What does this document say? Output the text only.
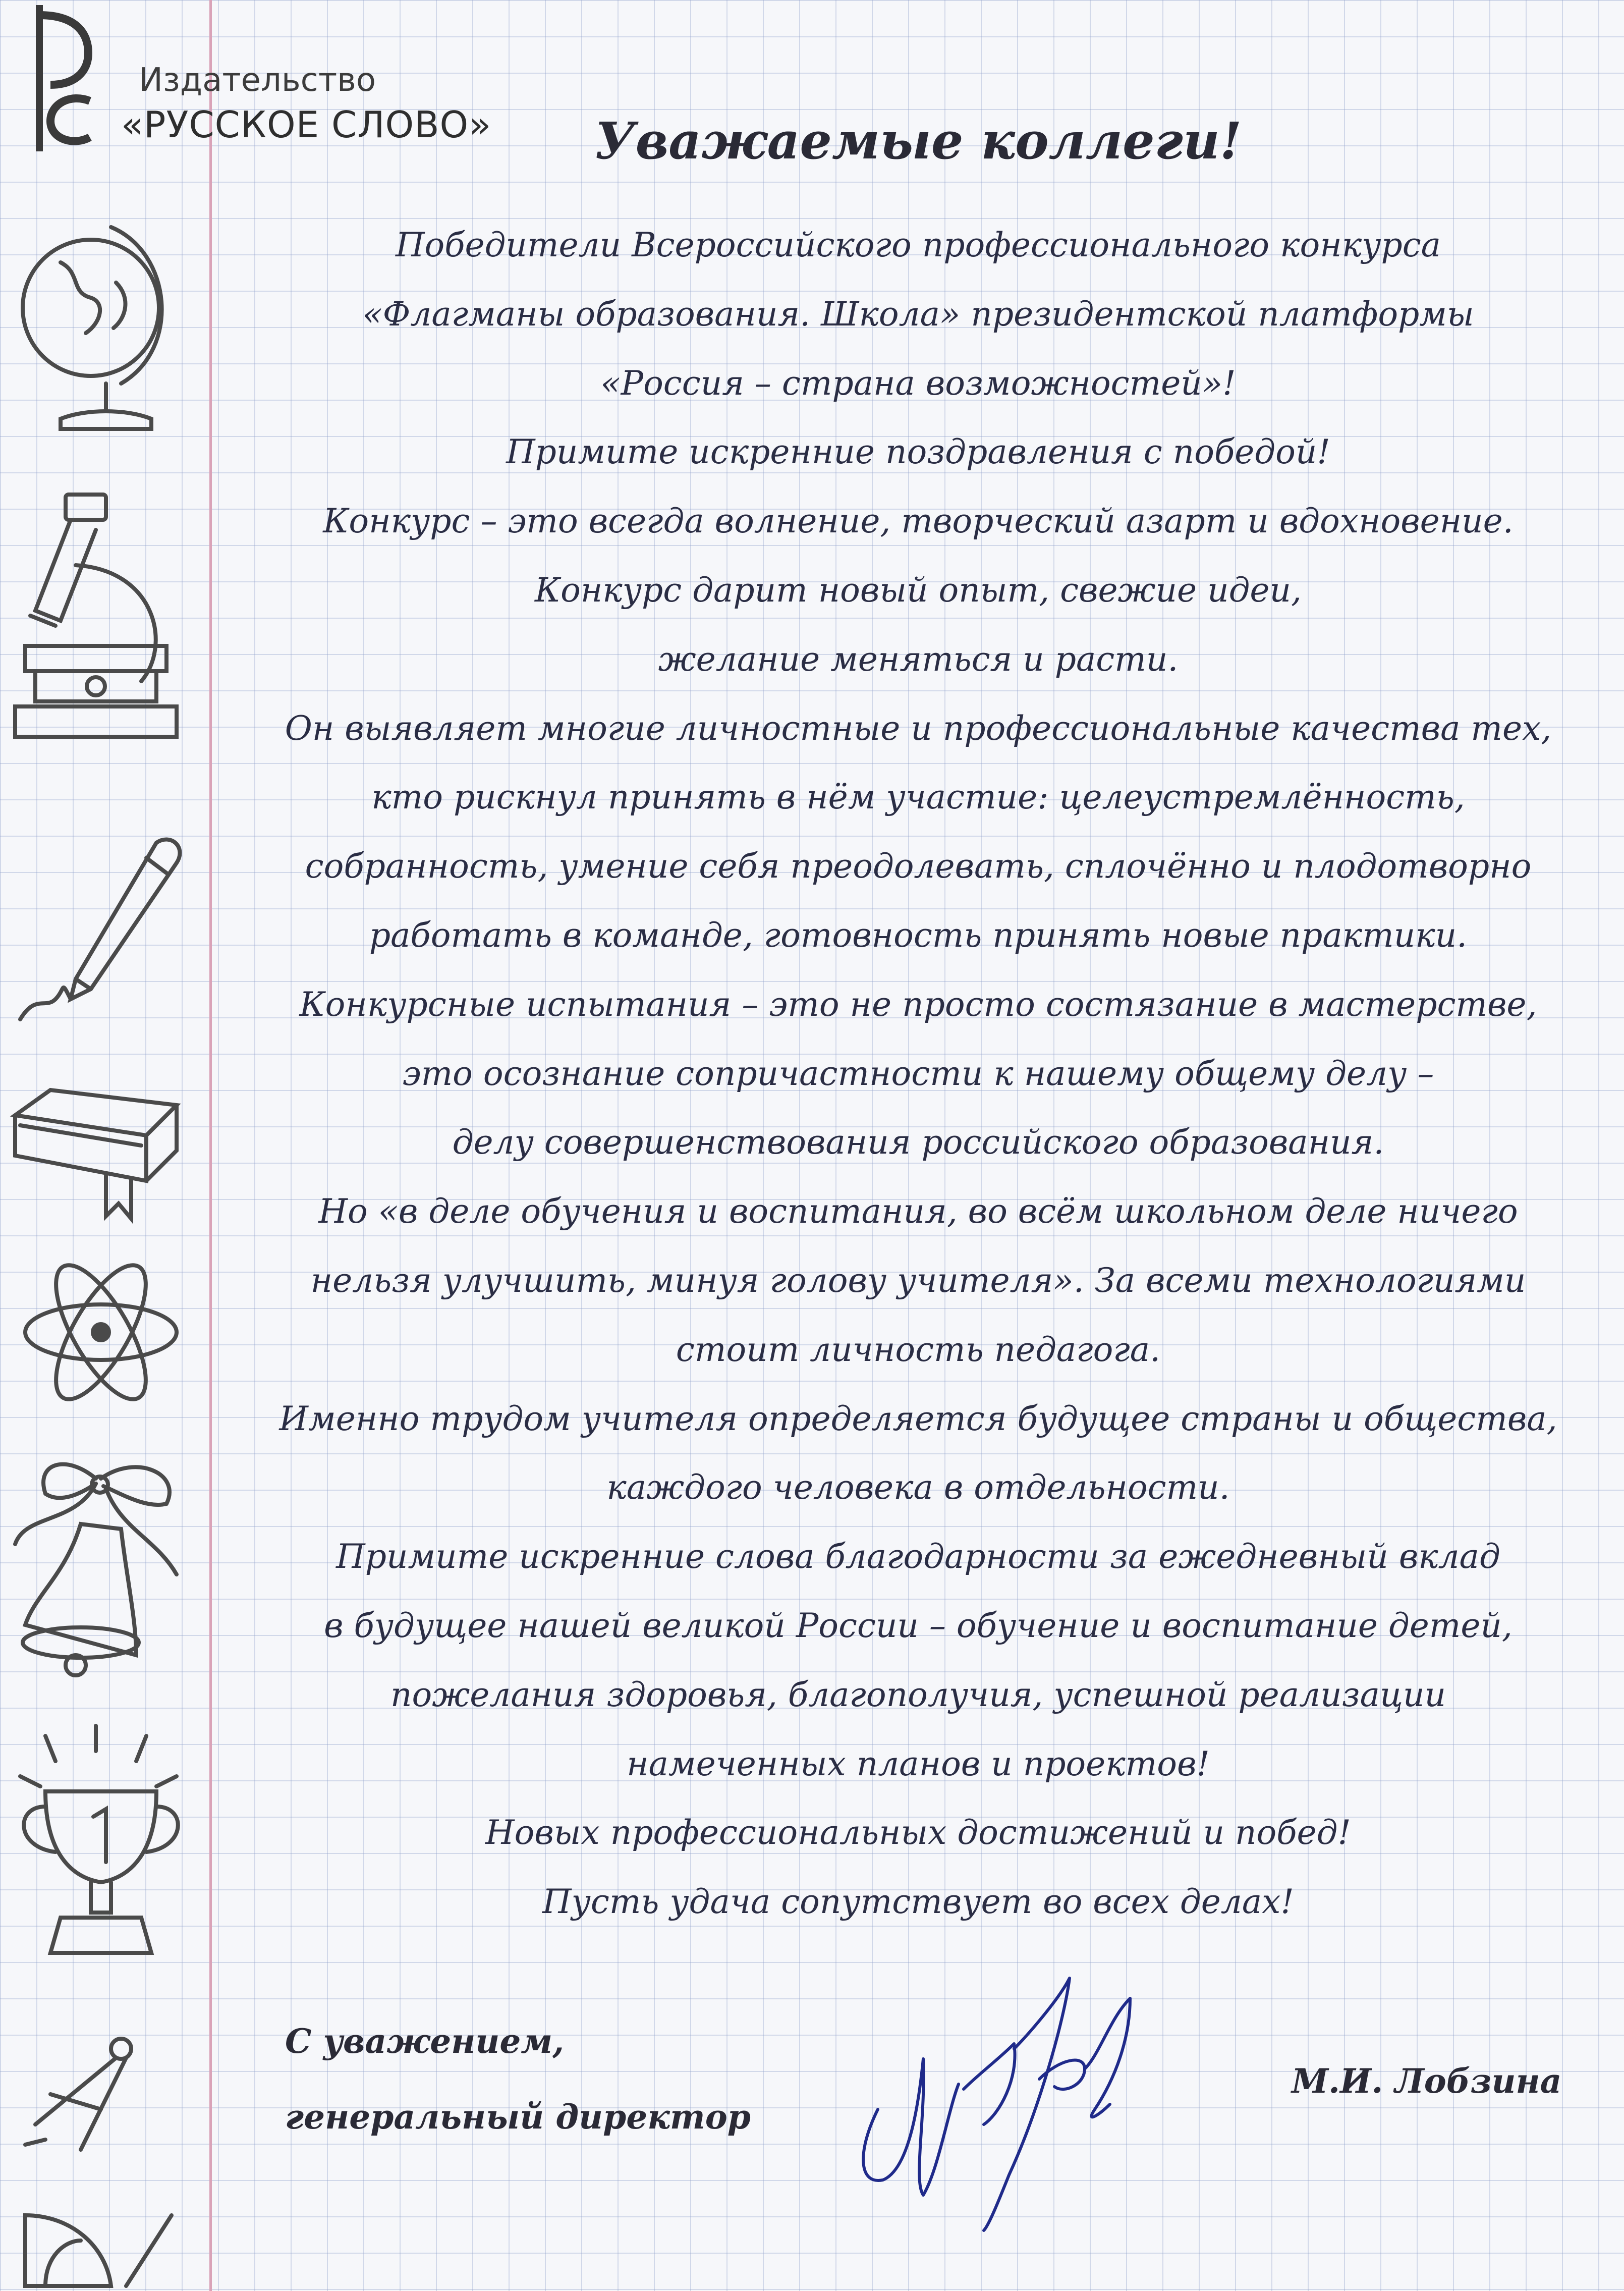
Издательство
«РУССКОЕ СЛОВО»	Уважаемые коллеги!
Победители Всероссийского профессионального конкурса
«Флагманы образования. Школа» президентской платформы
«Россия – страна возможностей»!
Примите искренние поздравления с победой!
Конкурс – это всегда волнение, творческий азарт и вдохновение.
Конкурс дарит новый опыт, свежие идеи,
желание меняться и расти.
Он выявляет многие личностные и профессиональные качества тех,
кто рискнул принять в нём участие: целеустремлённость,
собранность, умение себя преодолевать, сплочённо и плодотворно
работать в команде, готовность принять новые практики.
Конкурсные испытания – это не просто состязание в мастерстве,
это осознание сопричастности к нашему общему делу –
делу совершенствования российского образования.
Но «в деле обучения и воспитания, во всём школьном деле ничего
нельзя улучшить, минуя голову учителя». За всеми технологиями
стоит личность педагога.
Именно трудом учителя определяется будущее страны и общества,
каждого человека в отдельности.
Примите искренние слова благодарности за ежедневный вклад
в будущее нашей великой России – обучение и воспитание детей,
пожелания здоровья, благополучия, успешной реализации
намеченных планов и проектов!
Новых профессиональных достижений и побед!
Пусть удача сопутствует во всех делах!
С уважением,
генеральный директор
М.И. Лобзина
